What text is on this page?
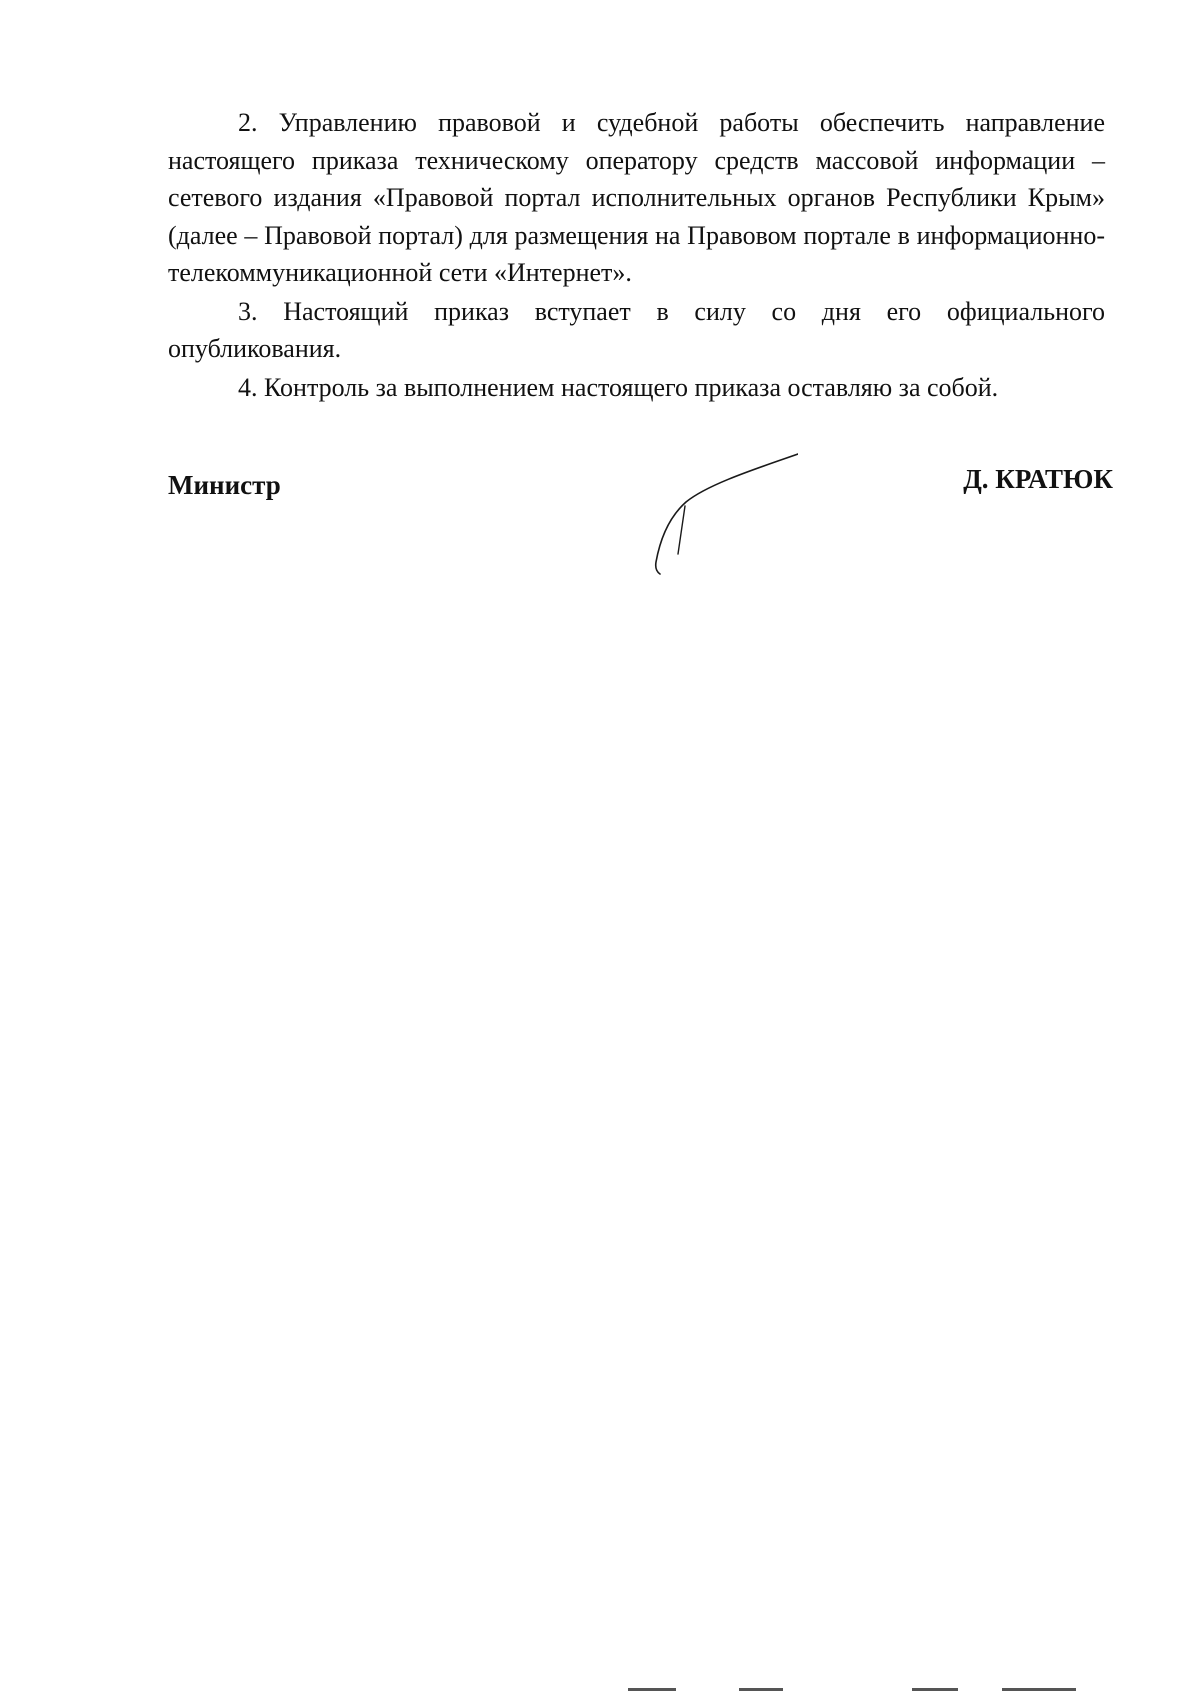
2. Управлению правовой и судебной работы обеспечить направление настоящего приказа техническому оператору средств массовой информации – сетевого издания «Правовой портал исполнительных органов Республики Крым» (далее – Правовой портал) для размещения на Правовом портале в информационно-телекоммуникационной сети «Интернет».

3. Настоящий приказ вступает в силу со дня его официального опубликования.

4. Контроль за выполнением настоящего приказа оставляю за собой.

Министр	Д. КРАТЮК
